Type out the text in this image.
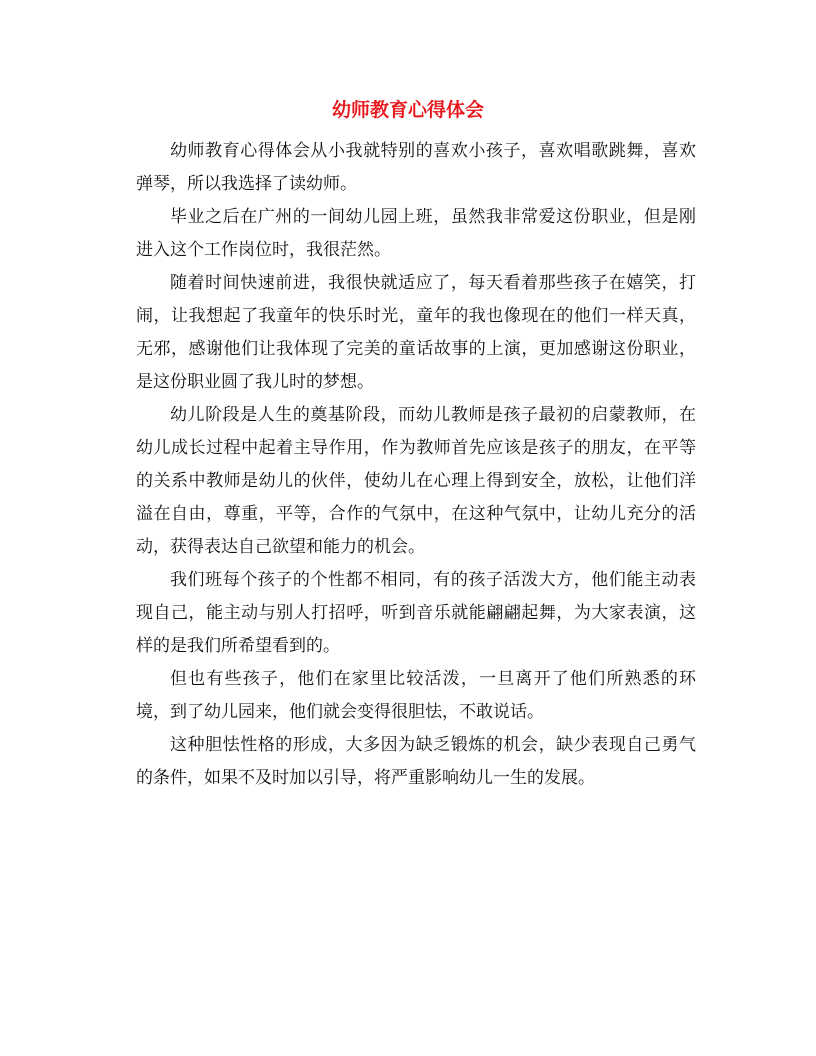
幼师教育心得体会

幼师教育心得体会从小我就特别的喜欢小孩子，喜欢唱歌跳舞，喜欢弹琴，所以我选择了读幼师。

毕业之后在广州的一间幼儿园上班，虽然我非常爱这份职业，但是刚进入这个工作岗位时，我很茫然。

随着时间快速前进，我很快就适应了，每天看着那些孩子在嬉笑，打闹，让我想起了我童年的快乐时光，童年的我也像现在的他们一样天真，无邪，感谢他们让我体现了完美的童话故事的上演，更加感谢这份职业，是这份职业圆了我儿时的梦想。

幼儿阶段是人生的奠基阶段，而幼儿教师是孩子最初的启蒙教师，在幼儿成长过程中起着主导作用，作为教师首先应该是孩子的朋友，在平等的关系中教师是幼儿的伙伴，使幼儿在心理上得到安全，放松，让他们洋溢在自由，尊重，平等，合作的气氛中，在这种气氛中，让幼儿充分的活动，获得表达自己欲望和能力的机会。

我们班每个孩子的个性都不相同，有的孩子活泼大方，他们能主动表现自己，能主动与别人打招呼，听到音乐就能翩翩起舞，为大家表演，这样的是我们所希望看到的。

但也有些孩子，他们在家里比较活泼，一旦离开了他们所熟悉的环境，到了幼儿园来，他们就会变得很胆怯，不敢说话。

这种胆怯性格的形成，大多因为缺乏锻炼的机会，缺少表现自己勇气的条件，如果不及时加以引导，将严重影响幼儿一生的发展。
